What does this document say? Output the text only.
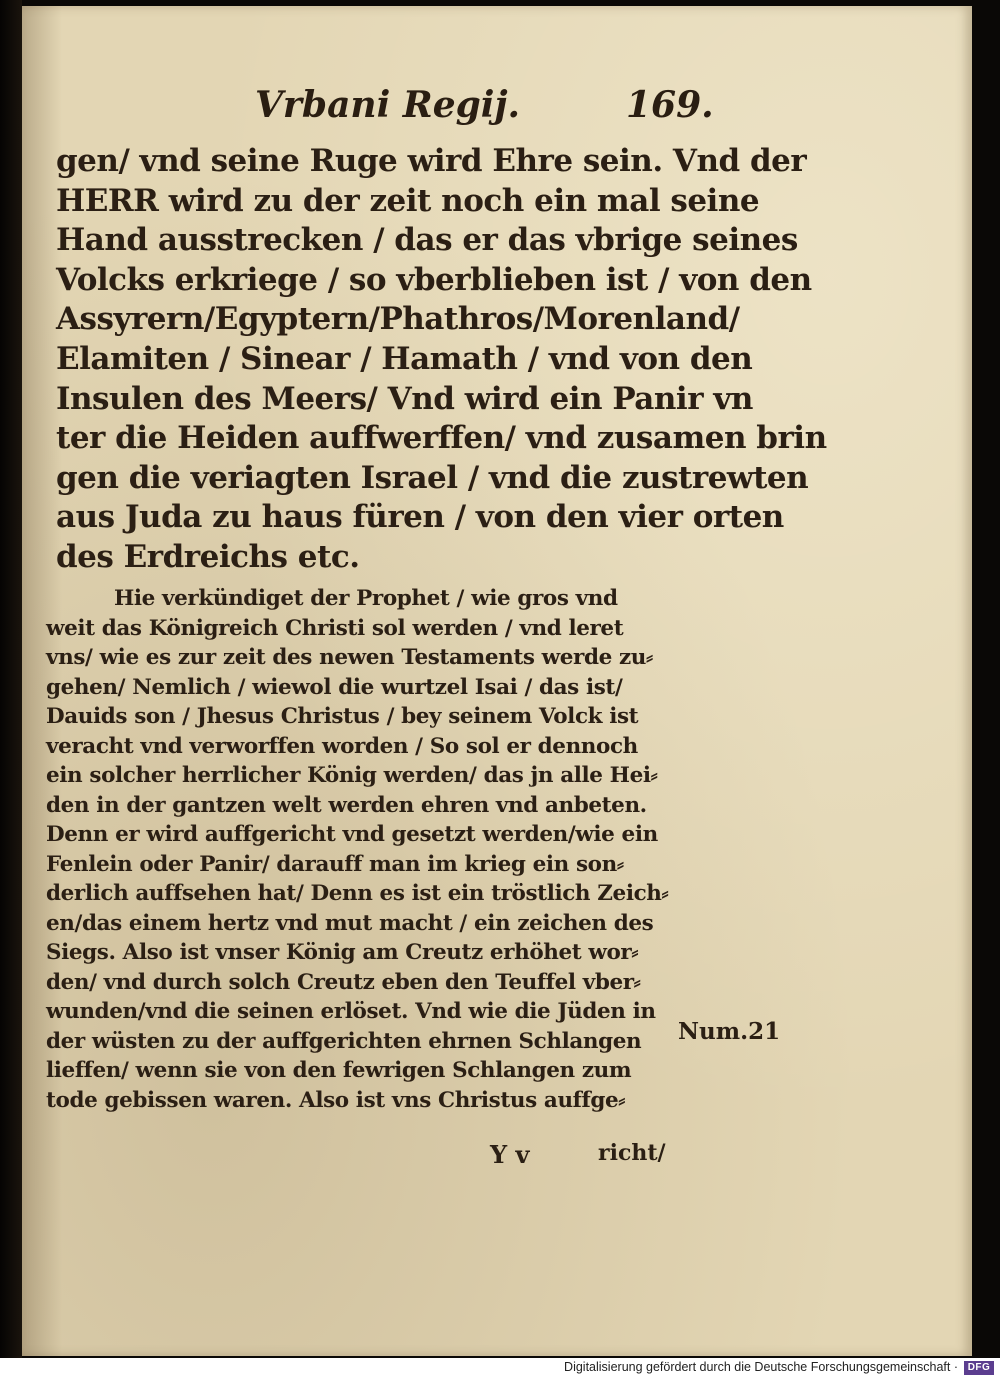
Vrbani Regij.	169.
gen/ vnd seine Ruge wird Ehre sein. Vnd der
HERR wird zu der zeit noch ein mal seine
Hand ausstrecken / das er das vbrige seines
Volcks erkriege / so vberblieben ist / von den
Assyrern/Egyptern/Phathros/Morenland/
Elamiten / Sinear / Hamath / vnd von den
Insulen des Meers/ Vnd wird ein Panir vn
ter die Heiden auffwerffen/ vnd zusamen brin
gen die veriagten Israel / vnd die zustrewten
aus Juda zu haus füren / von den vier orten
des Erdreichs etc.
Hie verkündiget der Prophet / wie gros vnd
weit das Königreich Christi sol werden / vnd leret
vns/ wie es zur zeit des newen Testaments werde zu⸗
gehen/ Nemlich / wiewol die wurtzel Isai / das ist/
Dauids son / Jhesus Christus / bey seinem Volck ist
veracht vnd verworffen worden / So sol er dennoch
ein solcher herrlicher König werden/ das jn alle Hei⸗
den in der gantzen welt werden ehren vnd anbeten.
Denn er wird auffgericht vnd gesetzt werden/wie ein
Fenlein oder Panir/ darauff man im krieg ein son⸗
derlich auffsehen hat/ Denn es ist ein tröstlich Zeich⸗
en/das einem hertz vnd mut macht / ein zeichen des
Siegs. Also ist vnser König am Creutz erhöhet wor⸗
den/ vnd durch solch Creutz eben den Teuffel vber⸗
wunden/vnd die seinen erlöset. Vnd wie die Jüden in
der wüsten zu der auffgerichten ehrnen Schlangen
lieffen/ wenn sie von den fewrigen Schlangen zum
tode gebissen waren. Also ist vns Christus auffge⸗
Num.21
Y v	richt/
Digitalisierung gefördert durch die Deutsche Forschungsgemeinschaft · DFG
